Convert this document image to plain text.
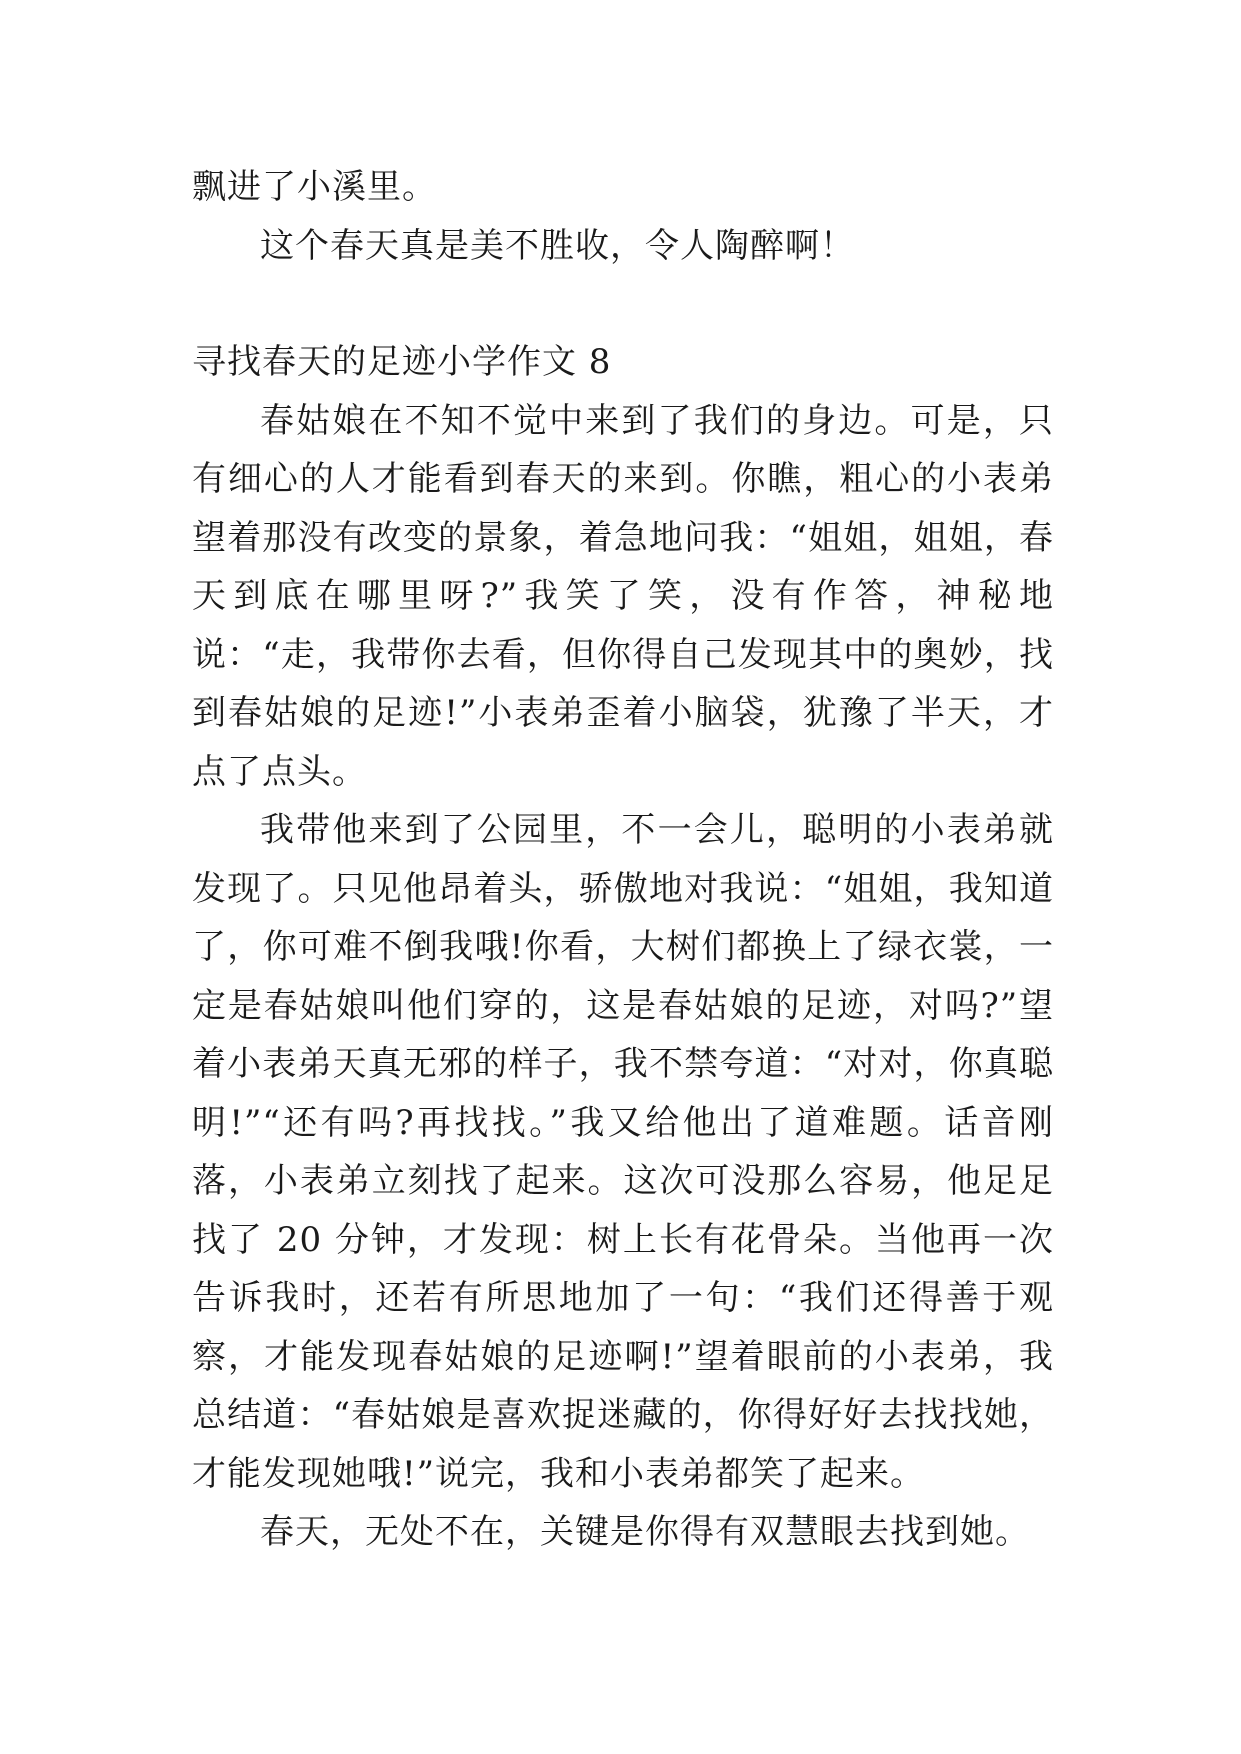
飘进了小溪里。

这个春天真是美不胜收，令人陶醉啊！

寻找春天的足迹小学作文 8

春姑娘在不知不觉中来到了我们的身边。可是，只有细心的人才能看到春天的来到。你瞧，粗心的小表弟望着那没有改变的景象，着急地问我：“姐姐，姐姐，春天到底在哪里呀?”我笑了笑，没有作答，神秘地说：“走，我带你去看，但你得自己发现其中的奥妙，找到春姑娘的足迹!”小表弟歪着小脑袋，犹豫了半天，才点了点头。

我带他来到了公园里，不一会儿，聪明的小表弟就发现了。只见他昂着头，骄傲地对我说：“姐姐，我知道了，你可难不倒我哦!你看，大树们都换上了绿衣裳，一定是春姑娘叫他们穿的，这是春姑娘的足迹，对吗?”望着小表弟天真无邪的样子，我不禁夸道：“对对，你真聪明!”“还有吗?再找找。”我又给他出了道难题。话音刚落，小表弟立刻找了起来。这次可没那么容易，他足足找了 20 分钟，才发现：树上长有花骨朵。当他再一次告诉我时，还若有所思地加了一句：“我们还得善于观察，才能发现春姑娘的足迹啊!”望着眼前的小表弟，我总结道：“春姑娘是喜欢捉迷藏的，你得好好去找找她，才能发现她哦!”说完，我和小表弟都笑了起来。

春天，无处不在，关键是你得有双慧眼去找到她。
